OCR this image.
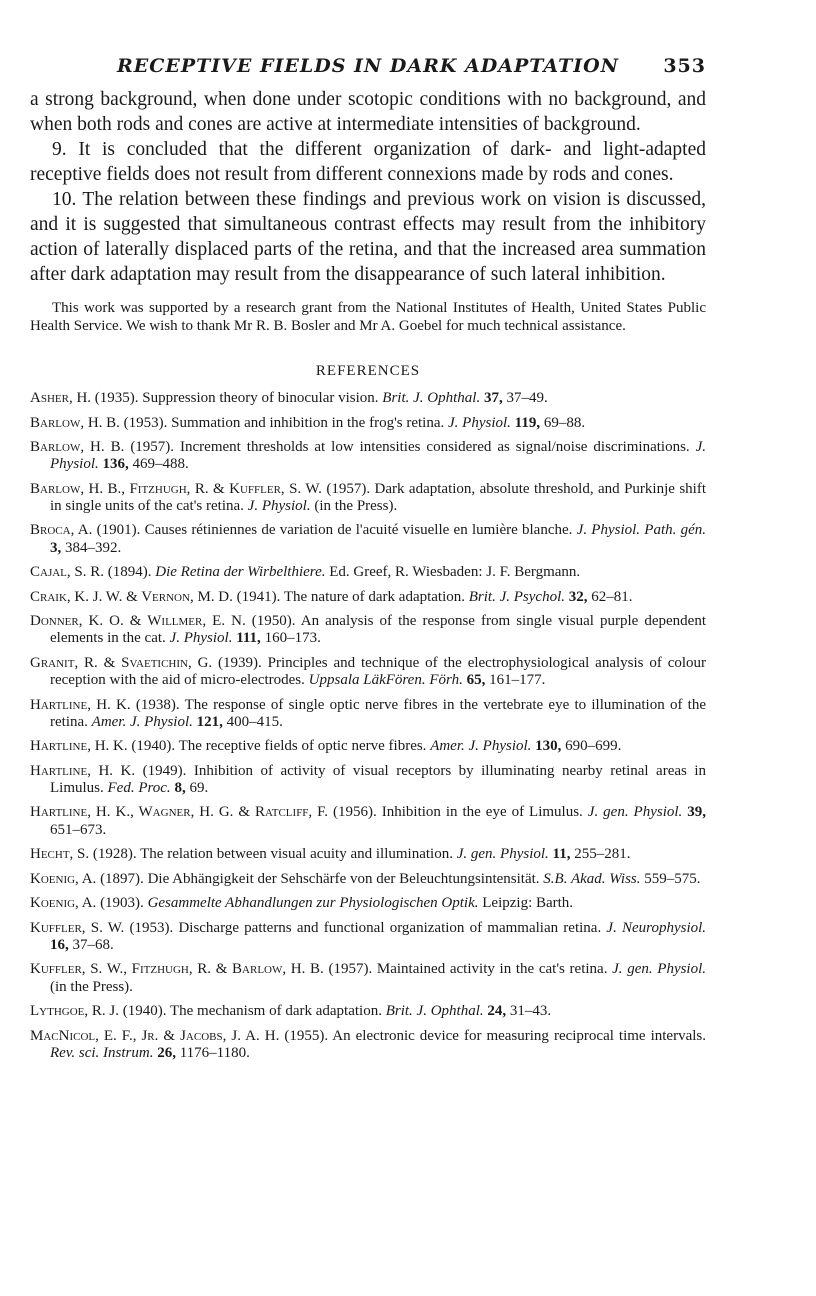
RECEPTIVE FIELDS IN DARK ADAPTATION 353

a strong background, when done under scotopic conditions with no background, and when both rods and cones are active at intermediate intensities of background.

9. It is concluded that the different organization of dark- and light-adapted receptive fields does not result from different connexions made by rods and cones.

10. The relation between these findings and previous work on vision is discussed, and it is suggested that simultaneous contrast effects may result from the inhibitory action of laterally displaced parts of the retina, and that the increased area summation after dark adaptation may result from the disappearance of such lateral inhibition.

This work was supported by a research grant from the National Institutes of Health, United States Public Health Service. We wish to thank Mr R. B. Bosler and Mr A. Goebel for much technical assistance.

REFERENCES

Asher, H. (1935). Suppression theory of binocular vision. Brit. J. Ophthal. 37, 37–49.

Barlow, H. B. (1953). Summation and inhibition in the frog's retina. J. Physiol. 119, 69–88.

Barlow, H. B. (1957). Increment thresholds at low intensities considered as signal/noise discriminations. J. Physiol. 136, 469–488.

Barlow, H. B., Fitzhugh, R. & Kuffler, S. W. (1957). Dark adaptation, absolute threshold, and Purkinje shift in single units of the cat's retina. J. Physiol. (in the Press).

Broca, A. (1901). Causes rétiniennes de variation de l'acuité visuelle en lumière blanche. J. Physiol. Path. gén. 3, 384–392.

Cajal, S. R. (1894). Die Retina der Wirbelthiere. Ed. Greef, R. Wiesbaden: J. F. Bergmann.

Craik, K. J. W. & Vernon, M. D. (1941). The nature of dark adaptation. Brit. J. Psychol. 32, 62–81.

Donner, K. O. & Willmer, E. N. (1950). An analysis of the response from single visual purple dependent elements in the cat. J. Physiol. 111, 160–173.

Granit, R. & Svaetichin, G. (1939). Principles and technique of the electrophysiological analysis of colour reception with the aid of micro-electrodes. Uppsala LäkFören. Förh. 65, 161–177.

Hartline, H. K. (1938). The response of single optic nerve fibres in the vertebrate eye to illumination of the retina. Amer. J. Physiol. 121, 400–415.

Hartline, H. K. (1940). The receptive fields of optic nerve fibres. Amer. J. Physiol. 130, 690–699.

Hartline, H. K. (1949). Inhibition of activity of visual receptors by illuminating nearby retinal areas in Limulus. Fed. Proc. 8, 69.

Hartline, H. K., Wagner, H. G. & Ratcliff, F. (1956). Inhibition in the eye of Limulus. J. gen. Physiol. 39, 651–673.

Hecht, S. (1928). The relation between visual acuity and illumination. J. gen. Physiol. 11, 255–281.

Koenig, A. (1897). Die Abhängigkeit der Sehschärfe von der Beleuchtungsintensität. S.B. Akad. Wiss. 559–575.

Koenig, A. (1903). Gesammelte Abhandlungen zur Physiologischen Optik. Leipzig: Barth.

Kuffler, S. W. (1953). Discharge patterns and functional organization of mammalian retina. J. Neurophysiol. 16, 37–68.

Kuffler, S. W., Fitzhugh, R. & Barlow, H. B. (1957). Maintained activity in the cat's retina. J. gen. Physiol. (in the Press).

Lythgoe, R. J. (1940). The mechanism of dark adaptation. Brit. J. Ophthal. 24, 31–43.

MacNicol, E. F., Jr. & Jacobs, J. A. H. (1955). An electronic device for measuring reciprocal time intervals. Rev. sci. Instrum. 26, 1176–1180.
